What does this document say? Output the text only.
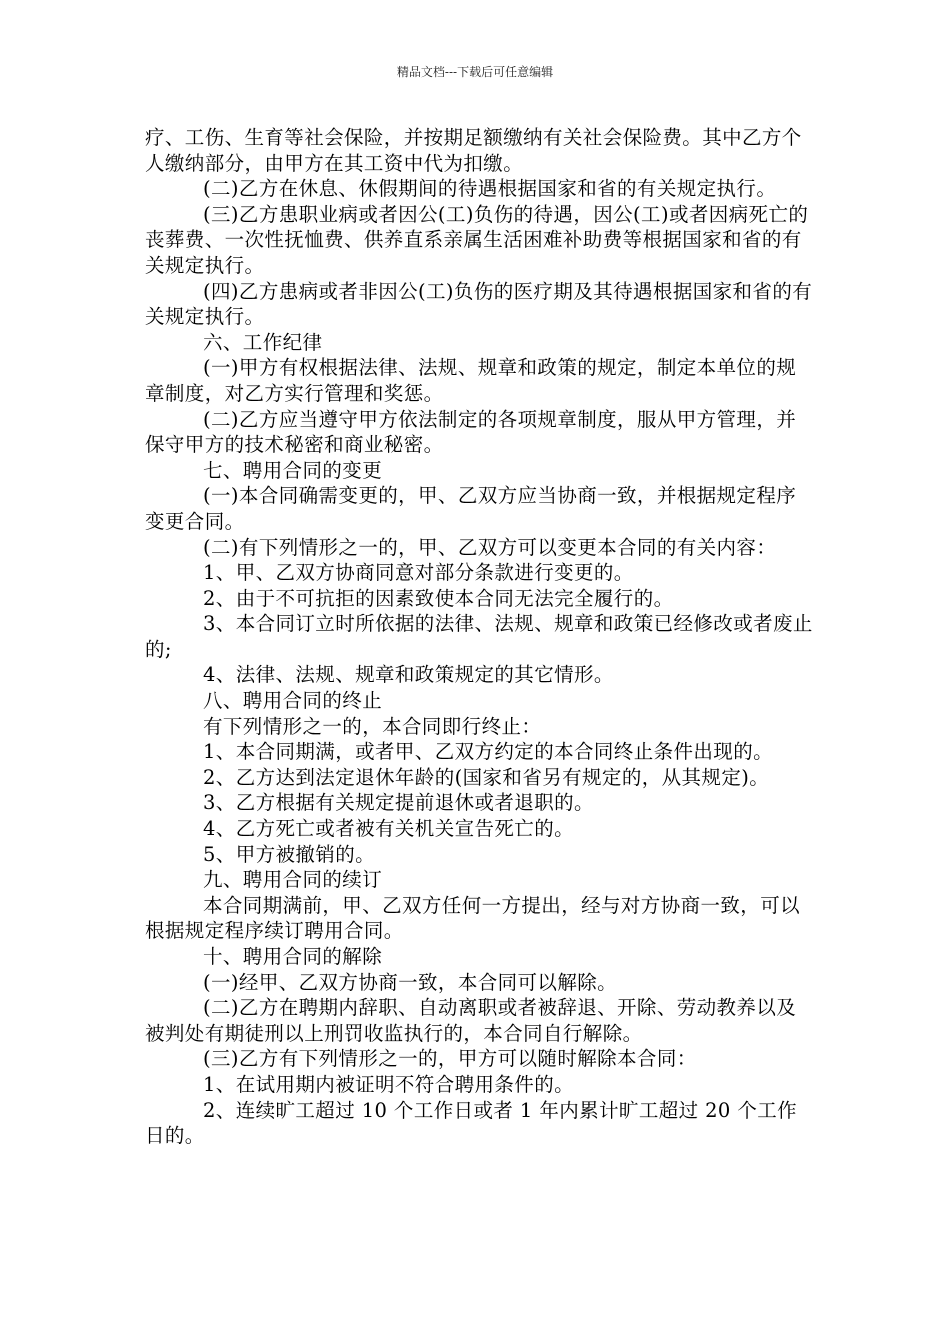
精品文档---下载后可任意编辑

疗、工伤、生育等社会保险，并按期足额缴纳有关社会保险费。其中乙方个人缴纳部分，由甲方在其工资中代为扣缴。

(二)乙方在休息、休假期间的待遇根据国家和省的有关规定执行。

(三)乙方患职业病或者因公(工)负伤的待遇，因公(工)或者因病死亡的丧葬费、一次性抚恤费、供养直系亲属生活困难补助费等根据国家和省的有关规定执行。

(四)乙方患病或者非因公(工)负伤的医疗期及其待遇根据国家和省的有关规定执行。

六、工作纪律

(一)甲方有权根据法律、法规、规章和政策的规定，制定本单位的规章制度，对乙方实行管理和奖惩。

(二)乙方应当遵守甲方依法制定的各项规章制度，服从甲方管理，并保守甲方的技术秘密和商业秘密。

七、聘用合同的变更

(一)本合同确需变更的，甲、乙双方应当协商一致，并根据规定程序变更合同。

(二)有下列情形之一的，甲、乙双方可以变更本合同的有关内容：

1、甲、乙双方协商同意对部分条款进行变更的。

2、由于不可抗拒的因素致使本合同无法完全履行的。

3、本合同订立时所依据的法律、法规、规章和政策已经修改或者废止的;

4、法律、法规、规章和政策规定的其它情形。

八、聘用合同的终止

有下列情形之一的，本合同即行终止：

1、本合同期满，或者甲、乙双方约定的本合同终止条件出现的。

2、乙方达到法定退休年龄的(国家和省另有规定的，从其规定)。

3、乙方根据有关规定提前退休或者退职的。

4、乙方死亡或者被有关机关宣告死亡的。

5、甲方被撤销的。

九、聘用合同的续订

本合同期满前，甲、乙双方任何一方提出，经与对方协商一致，可以根据规定程序续订聘用合同。

十、聘用合同的解除

(一)经甲、乙双方协商一致，本合同可以解除。

(二)乙方在聘期内辞职、自动离职或者被辞退、开除、劳动教养以及被判处有期徒刑以上刑罚收监执行的，本合同自行解除。

(三)乙方有下列情形之一的，甲方可以随时解除本合同：

1、在试用期内被证明不符合聘用条件的。

2、连续旷工超过 10 个工作日或者 1 年内累计旷工超过 20 个工作日的。
